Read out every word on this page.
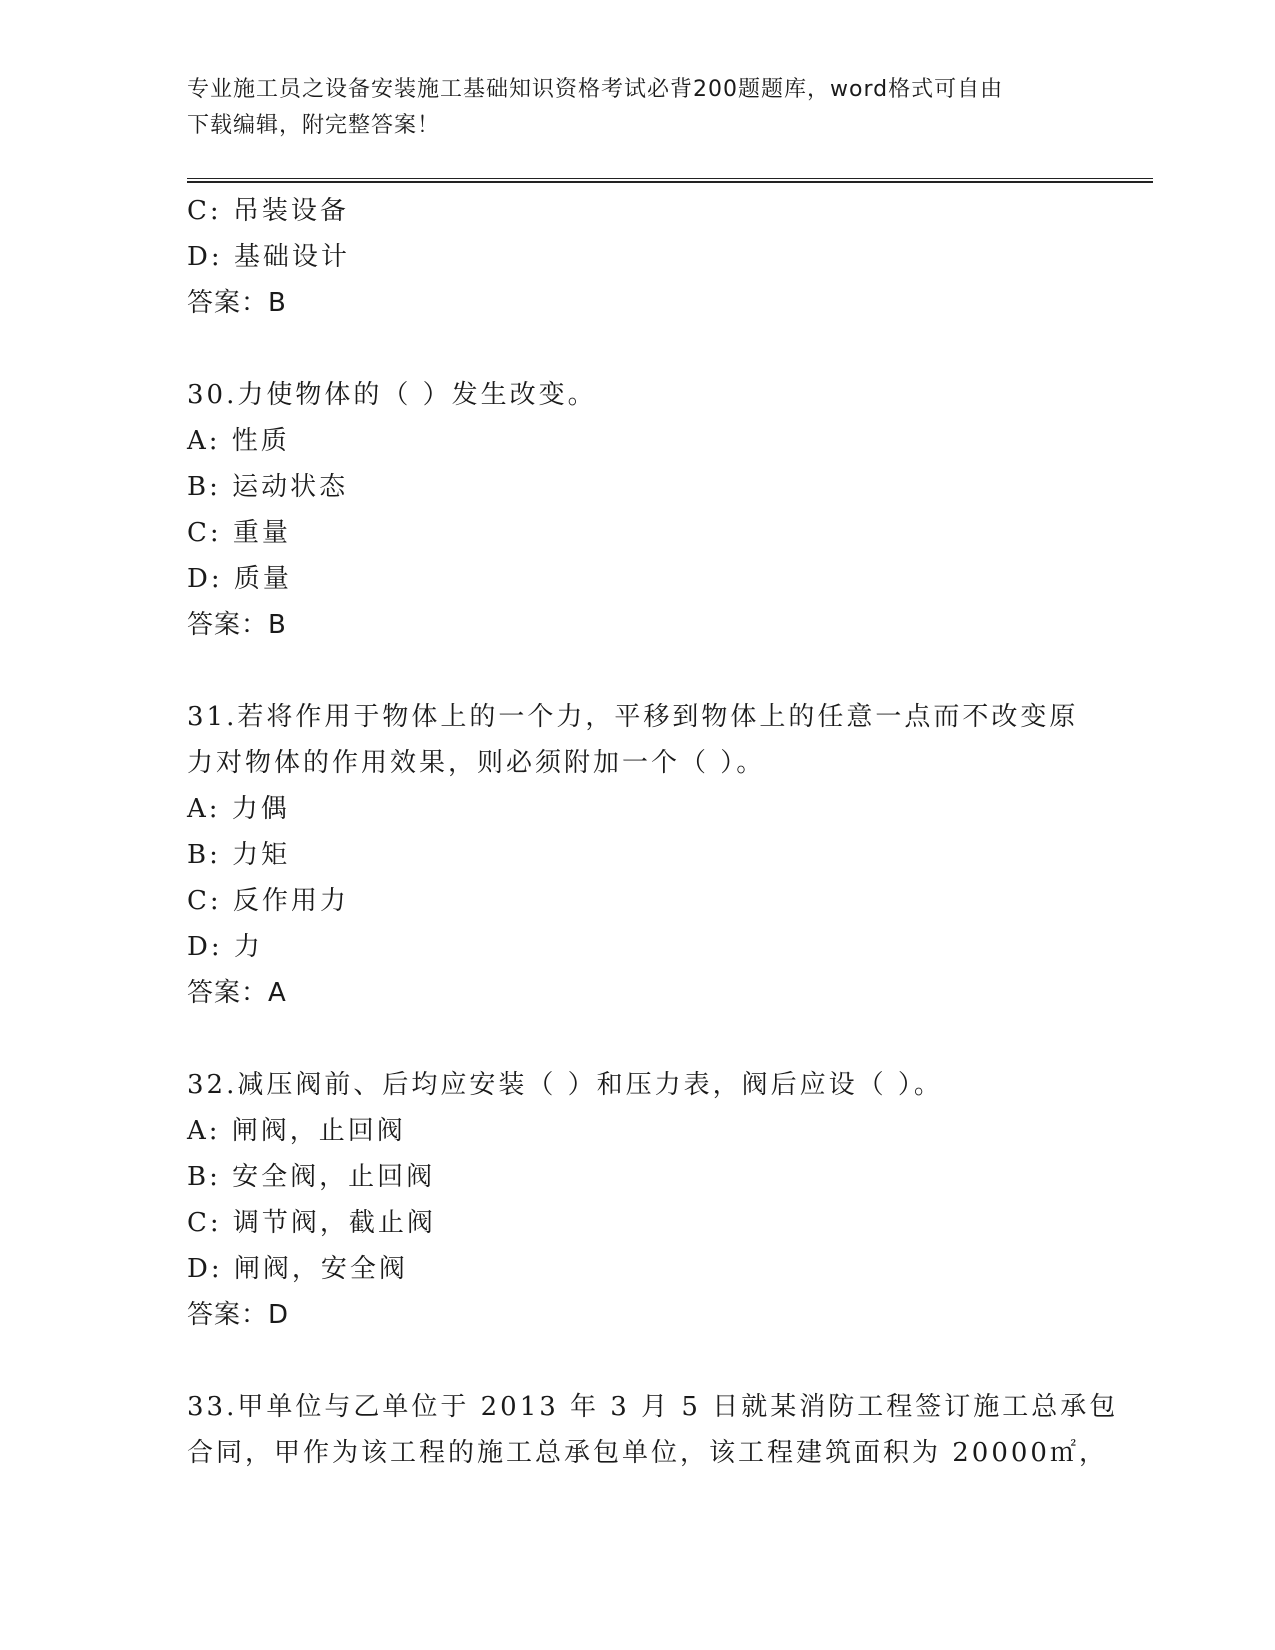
专业施工员之设备安装施工基础知识资格考试必背200题题库，word格式可自由
下载编辑，附完整答案！
C: 吊装设备
D: 基础设计
答案：B
30.力使物体的（ ）发生改变。
A: 性质
B: 运动状态
C: 重量
D: 质量
答案：B
31.若将作用于物体上的一个力，平移到物体上的任意一点而不改变原
力对物体的作用效果，则必须附加一个（ ）。
A: 力偶
B: 力矩
C: 反作用力
D: 力
答案：A
32.减压阀前、后均应安装（ ）和压力表，阀后应设（ ）。
A: 闸阀，止回阀
B: 安全阀，止回阀
C: 调节阀，截止阀
D: 闸阀，安全阀
答案：D
33.甲单位与乙单位于 2013 年 3 月 5 日就某消防工程签订施工总承包
合同，甲作为该工程的施工总承包单位，该工程建筑面积为 20000㎡，
